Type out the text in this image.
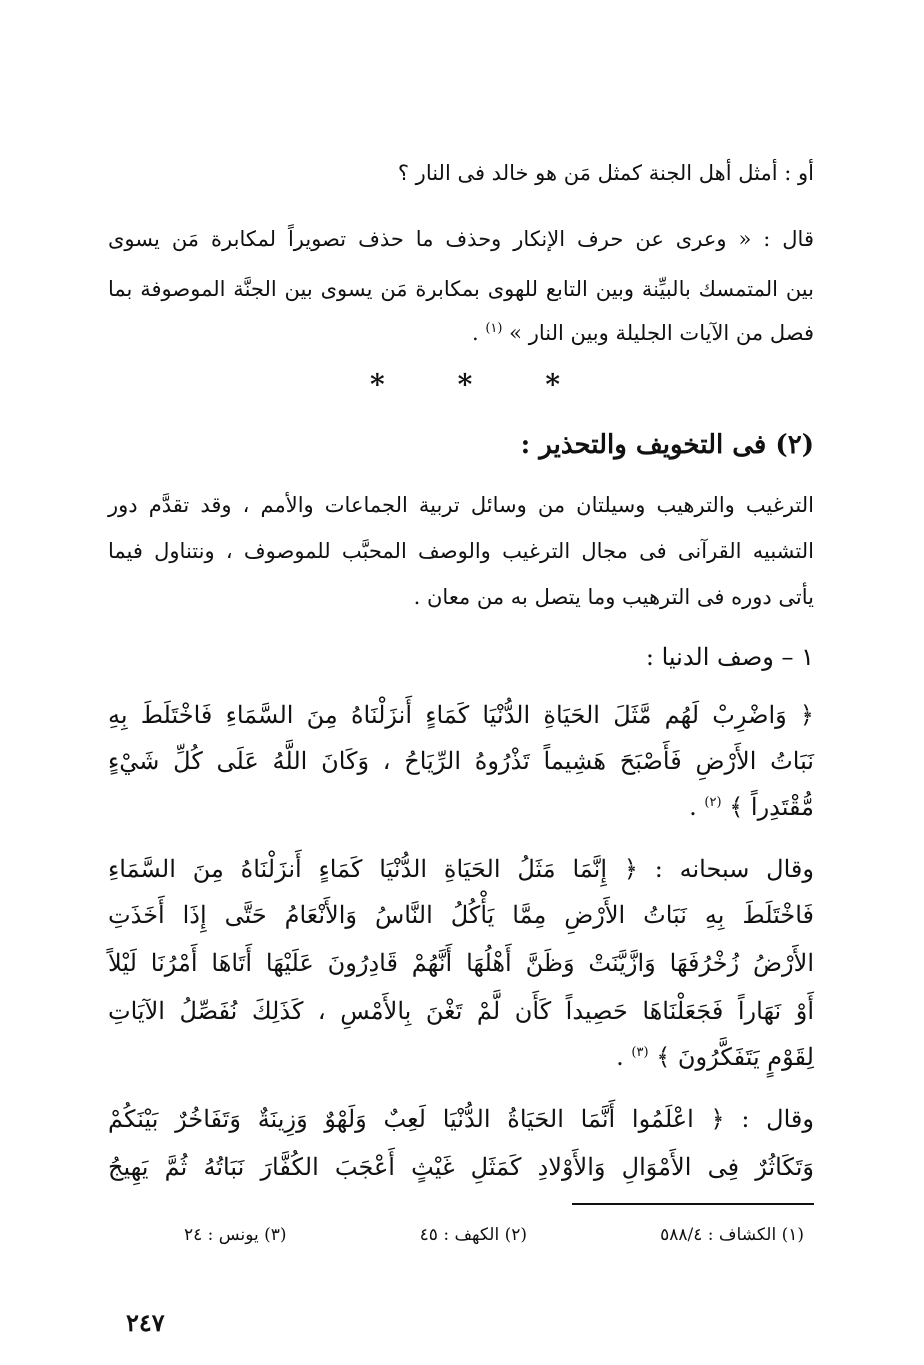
أو : أمثل أهل الجنة كمثل مَن هو خالد فى النار ؟
قال : « وعرى عن حرف الإنكار وحذف ما حذف تصويراً لمكابرة مَن يسوى
بين المتمسك بالبيِّنة وبين التابع للهوى بمكابرة مَن يسوى بين الجنَّة الموصوفة بما
فصل من الآيات الجليلة وبين النار » $^{(١)}$ .
*	*	*
(٢) فى التخويف والتحذير :
الترغيب والترهيب وسيلتان من وسائل تربية الجماعات والأمم ، وقد تقدَّم دور
التشبيه القرآنى فى مجال الترغيب والوصف المحبَّب للموصوف ، ونتناول فيما
يأتى دوره فى الترهيب وما يتصل به من معان .
١ – وصف الدنيا :
﴿ وَاضْرِبْ لَهُم مَّثَلَ الحَيَاةِ الدُّنْيَا كَمَاءٍ أَنزَلْنَاهُ مِنَ السَّمَاءِ فَاخْتَلَطَ بِهِ
نَبَاتُ الأَرْضِ فَأَصْبَحَ هَشِيماً تَذْرُوهُ الرِّيَاحُ ، وَكَانَ اللَّهُ عَلَى كُلِّ شَيْءٍ
مُّقْتَدِراً ﴾ $^{(٢)}$ .
وقال سبحانه : ﴿ إِنَّمَا مَثَلُ الحَيَاةِ الدُّنْيَا كَمَاءٍ أَنزَلْنَاهُ مِنَ السَّمَاءِ
فَاخْتَلَطَ بِهِ نَبَاتُ الأَرْضِ مِمَّا يَأْكُلُ النَّاسُ وَالأَنْعَامُ حَتَّى إِذَا أَخَذَتِ
الأَرْضُ زُخْرُفَهَا وَازَّيَّنَتْ وَظَنَّ أَهْلُهَا أَنَّهُمْ قَادِرُونَ عَلَيْهَا أَتَاهَا أَمْرُنَا لَيْلاً
أَوْ نَهَاراً فَجَعَلْنَاهَا حَصِيداً كَأَن لَّمْ تَغْنَ بِالأَمْسِ ، كَذَلِكَ نُفَصِّلُ الآيَاتِ
لِقَوْمٍ يَتَفَكَّرُونَ ﴾ $^{(٣)}$ .
وقال : ﴿ اعْلَمُوا أَنَّمَا الحَيَاةُ الدُّنْيَا لَعِبٌ وَلَهْوٌ وَزِينَةٌ وَتَفَاخُرٌ بَيْنَكُمْ
وَتَكَاثُرٌ فِى الأَمْوَالِ وَالأَوْلادِ كَمَثَلِ غَيْثٍ أَعْجَبَ الكُفَّارَ نَبَاتُهُ ثُمَّ يَهِيجُ
(١) الكشاف : ٥٨٨/٤
(٢) الكهف : ٤٥
(٣) يونس : ٢٤
٢٤٧
